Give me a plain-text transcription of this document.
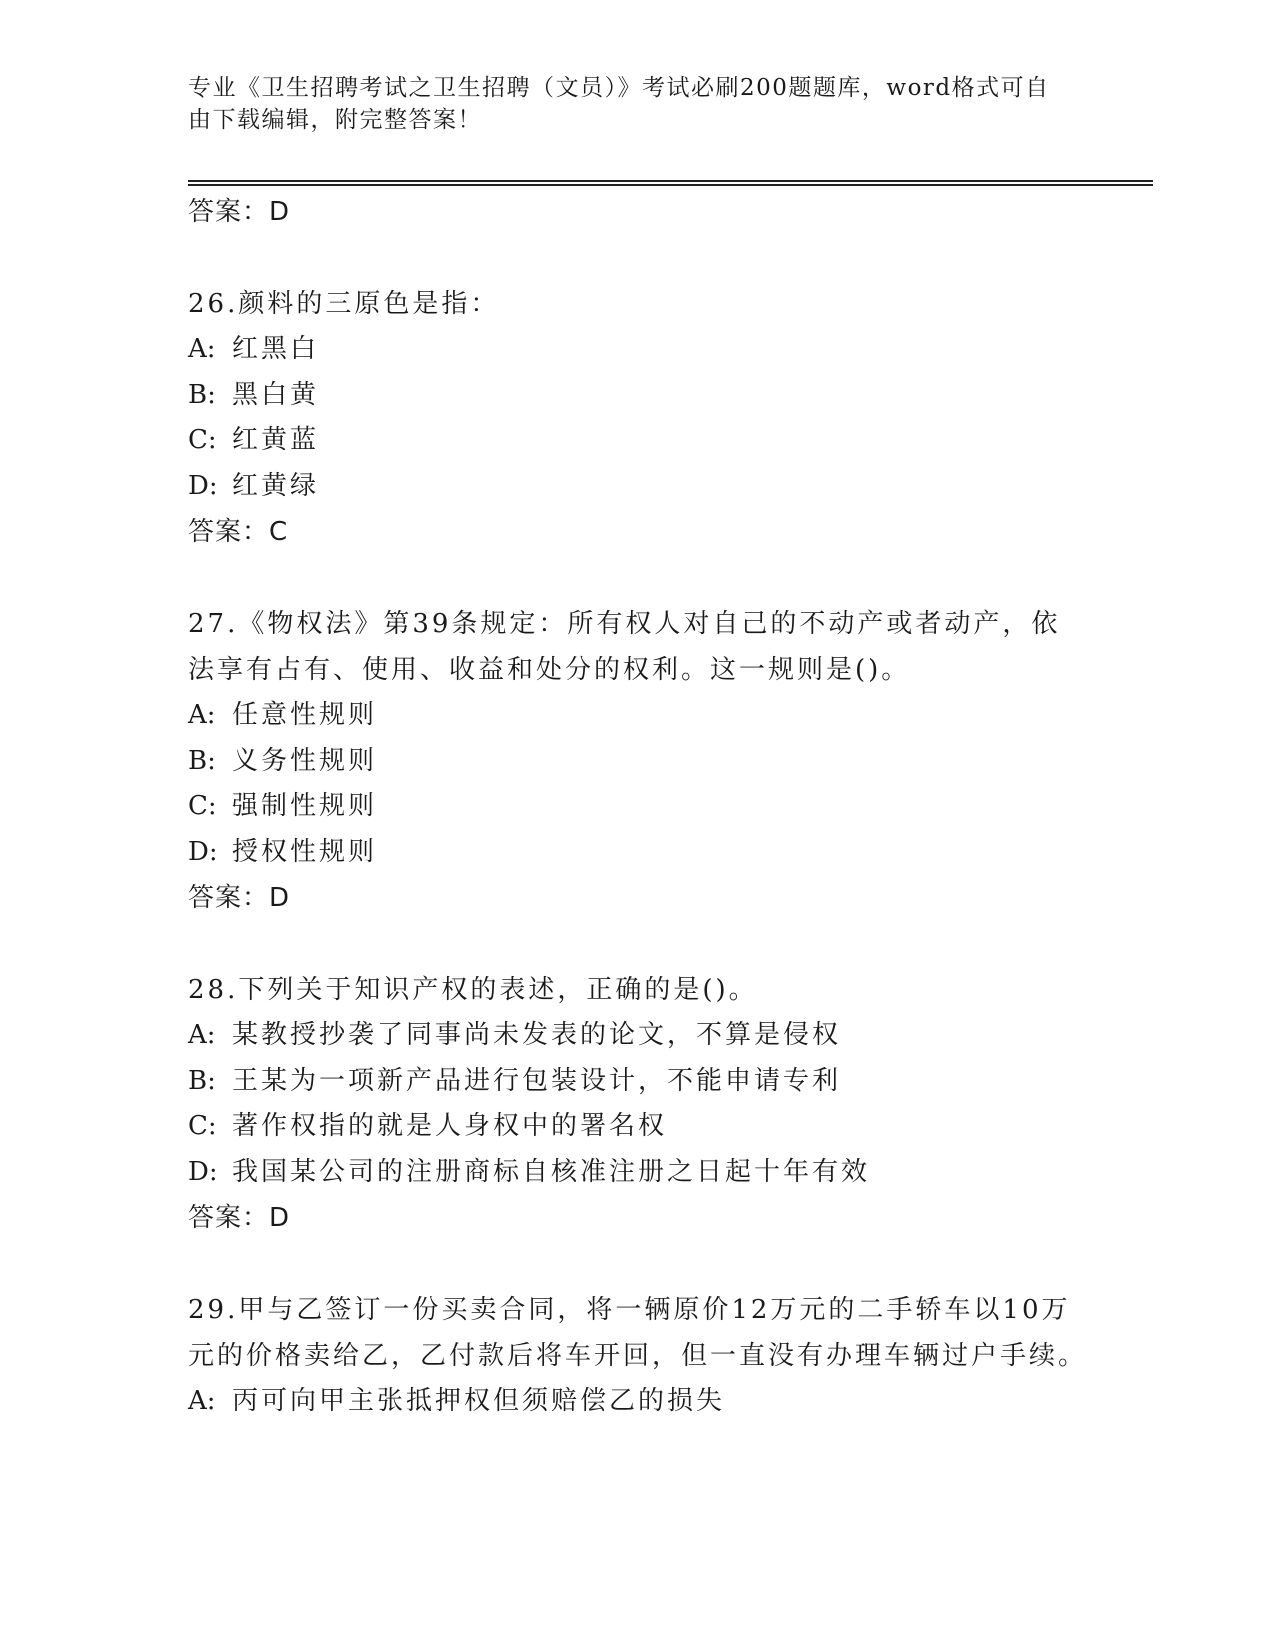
专业《卫生招聘考试之卫生招聘（文员）》考试必刷200题题库，word格式可自由下载编辑，附完整答案！
答案：D
26.颜料的三原色是指：
A: 红黑白
B: 黑白黄
C: 红黄蓝
D: 红黄绿
答案：C
27.《物权法》第39条规定：所有权人对自己的不动产或者动产，依法享有占有、使用、收益和处分的权利。这一规则是()。
A: 任意性规则
B: 义务性规则
C: 强制性规则
D: 授权性规则
答案：D
28.下列关于知识产权的表述，正确的是()。
A: 某教授抄袭了同事尚未发表的论文，不算是侵权
B: 王某为一项新产品进行包装设计，不能申请专利
C: 著作权指的就是人身权中的署名权
D: 我国某公司的注册商标自核准注册之日起十年有效
答案：D
29.甲与乙签订一份买卖合同，将一辆原价12万元的二手轿车以10万元的价格卖给乙，乙付款后将车开回，但一直没有办理车辆过户手续。
A: 丙可向甲主张抵押权但须赔偿乙的损失
